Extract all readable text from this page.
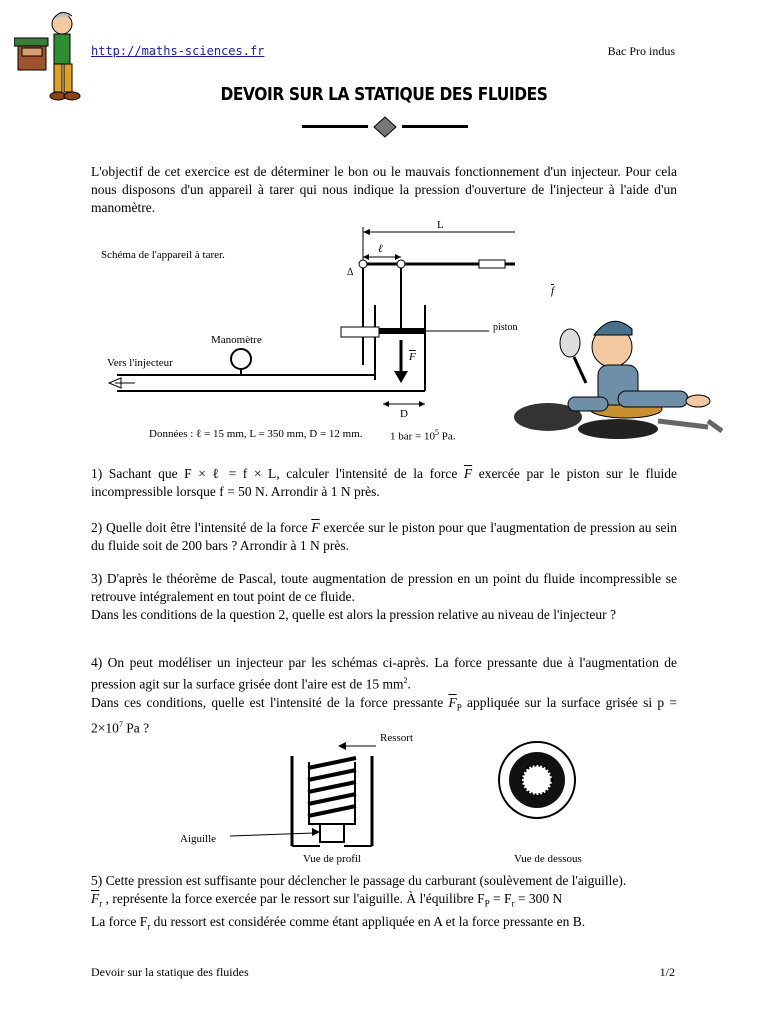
http://maths-sciences.fr	Bac Pro indus
DEVOIR SUR LA STATIQUE DES FLUIDES

L'objectif de cet exercice est de déterminer le bon ou le mauvais fonctionnement d'un injecteur. Pour cela nous disposons d'un appareil à tarer qui nous indique la pression d'ouverture de l'injecteur à l'aide d'un manomètre.

Schéma de l'appareil à tarer.
Manomètre
Vers l'injecteur
piston
L
ℓ
Δ
$\overline{f}$
$\overline{F}$
D
Données : ℓ = 15 mm, L = 350 mm, D = 12 mm. 1 bar = $10^5$ Pa.

1) Sachant que F × ℓ = f × L, calculer l'intensité de la force $\overline{F}$ exercée par le piston sur le fluide incompressible lorsque f = 50 N. Arrondir à 1 N près.

2) Quelle doit être l'intensité de la force $\overline{F}$ exercée sur le piston pour que l'augmentation de pression au sein du fluide soit de 200 bars ? Arrondir à 1 N près.

3) D'après le théorème de Pascal, toute augmentation de pression en un point du fluide incompressible se retrouve intégralement en tout point de ce fluide.

Dans les conditions de la question 2, quelle est alors la pression relative au niveau de l'injecteur ?

4) On peut modéliser un injecteur par les schémas ci-après. La force pressante due à l'augmentation de pression agit sur la surface grisée dont l'aire est de 15 $mm^2$.

Dans ces conditions, quelle est l'intensité de la force pressante $\overline{F}_P$ appliquée sur la surface grisée si $p = 2\times 10^7$ Pa ?

Ressort
Aiguille
Vue de profil	Vue de dessous

5) Cette pression est suffisante pour déclencher le passage du carburant (soulèvement de l'aiguille).

$\overline{F}_r$ , représente la force exercée par le ressort sur l'aiguille. À l'équilibre $F_P = F_r = 300$ N

La force $F_r$ du ressort est considérée comme étant appliquée en A et la force pressante en B.

Devoir sur la statique des fluides	1/2
